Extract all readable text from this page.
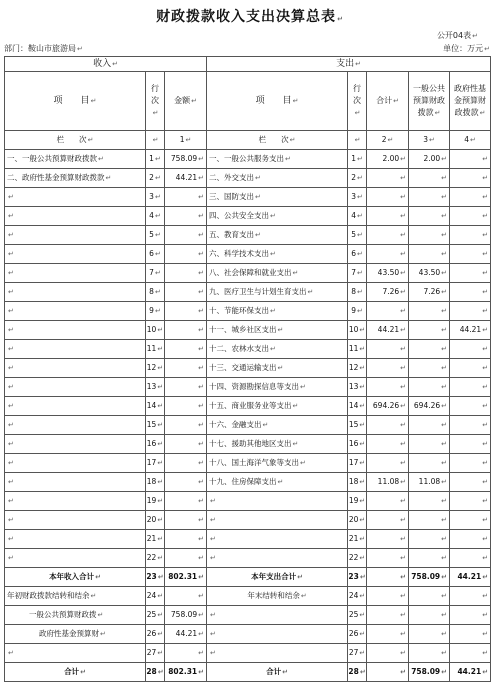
财政拨款收入支出决算总表↵
公开04表↵
部门：鞍山市旅游局↵	单位：万元↵
收入↵			支出↵				
项　　目↵	行次↵	金额↵	项　　目↵	行次↵	合计↵	一般公共预算财政拨款↵	政府性基金预算财政拨款↵
栏　　次↵	↵	1↵	栏　　次↵	↵	2↵	3↵	4↵
一、一般公共预算财政拨款↵	1↵	758.09↵	一、一般公共服务支出↵	1↵	2.00↵	2.00↵	↵
二、政府性基金预算财政拨款↵	2↵	44.21↵	二、外交支出↵	2↵	↵	↵	↵
↵	3↵	↵	三、国防支出↵	3↵	↵	↵	↵
↵	4↵	↵	四、公共安全支出↵	4↵	↵	↵	↵
↵	5↵	↵	五、教育支出↵	5↵	↵	↵	↵
↵	6↵	↵	六、科学技术支出↵	6↵	↵	↵	↵
↵	7↵	↵	八、社会保障和就业支出↵	7↵	43.50↵	43.50↵	↵
↵	8↵	↵	九、医疗卫生与计划生育支出↵	8↵	7.26↵	7.26↵	↵
↵	9↵	↵	十、节能环保支出↵	9↵	↵	↵	↵
↵	10↵	↵	十一、城乡社区支出↵	10↵	44.21↵	↵	44.21↵
↵	11↵	↵	十二、农林水支出↵	11↵	↵	↵	↵
↵	12↵	↵	十三、交通运输支出↵	12↵	↵	↵	↵
↵	13↵	↵	十四、资源勘探信息等支出↵	13↵	↵	↵	↵
↵	14↵	↵	十五、商业服务业等支出↵	14↵	694.26↵	694.26↵	↵
↵	15↵	↵	十六、金融支出↵	15↵	↵	↵	↵
↵	16↵	↵	十七、援助其他地区支出↵	16↵	↵	↵	↵
↵	17↵	↵	十八、国土海洋气象等支出↵	17↵	↵	↵	↵
↵	18↵	↵	十九、住房保障支出↵	18↵	11.08↵	11.08↵	↵
↵	19↵	↵	↵	19↵	↵	↵	↵
↵	20↵	↵	↵	20↵	↵	↵	↵
↵	21↵	↵	↵	21↵	↵	↵	↵
↵	22↵	↵	↵	22↵	↵	↵	↵
本年收入合计↵	23↵	802.31↵	本年支出合计↵	23↵	↵	758.09↵	44.21↵
年初财政拨款结转和结余↵	24↵	↵	年末结转和结余↵	24↵	↵	↵	↵
一般公共预算财政拨↵	25↵	758.09↵	↵	25↵	↵	↵	↵
政府性基金预算财↵	26↵	44.21↵	↵	26↵	↵	↵	↵
↵	27↵	↵	↵	27↵	↵	↵	↵
合计↵	28↵	802.31↵	合计↵	28↵	↵	758.09↵	44.21↵
